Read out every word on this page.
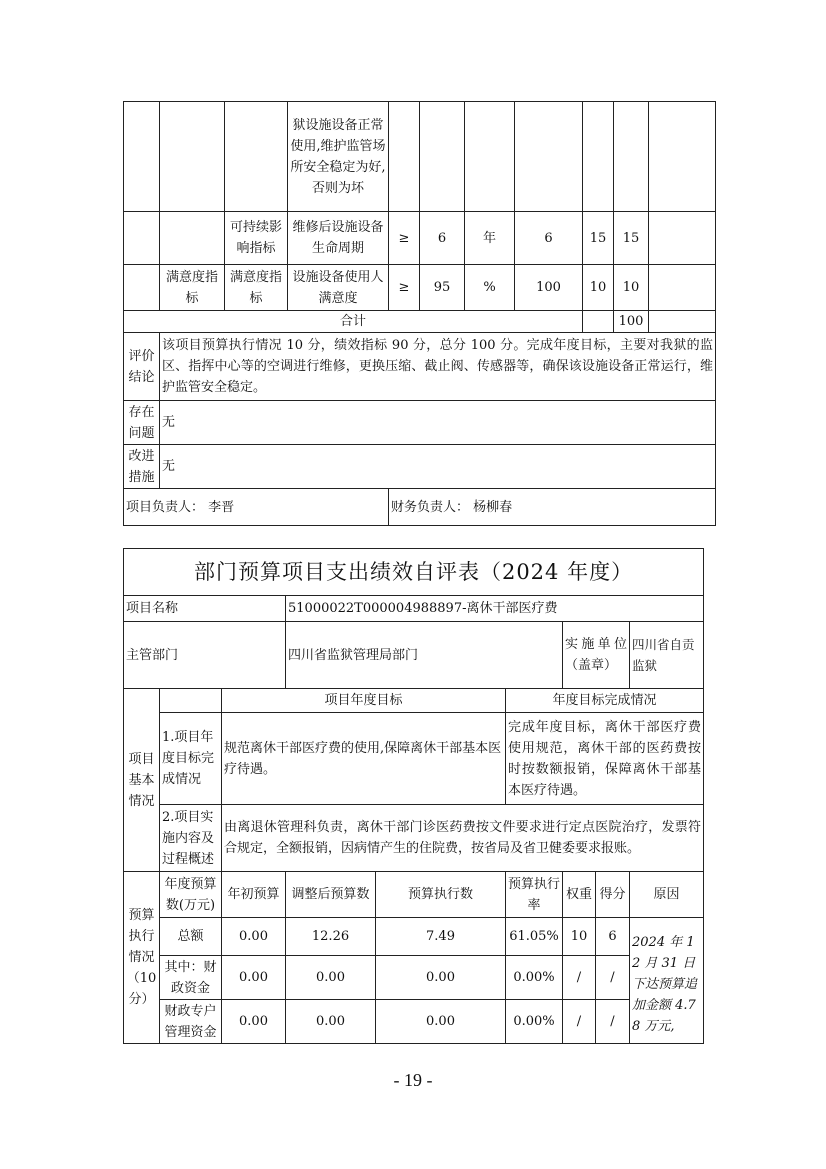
			狱设施设备正常使用,维护监管场所安全稳定为好,否则为坏							
		可持续影响指标	维修后设施设备生命周期	≥	6	年	6	15	15	
	满意度指标	满意度指标	设施设备使用人满意度	≥	95	%	100	10	10	
合计									100	
评价结论	该项目预算执行情况 10 分，绩效指标 90 分，总分 100 分。完成年度目标，主要对我狱的监区、指挥中心等的空调进行维修，更换压缩、截止阀、传感器等，确保该设施设备正常运行，维护监管安全稳定。									
存在问题	无									
改进措施	无									
项目负责人： 李晋				财务负责人： 杨柳春						
部门预算项目支出绩效自评表（2024 年度）								
项目名称			51000022T000004988897-离休干部医疗费					
主管部门			四川省监狱管理局部门			实施单位（盖章）		四川省自贡监狱
项目基本情况		项目年度目标			年度目标完成情况			
	1.项目年度目标完成情况	规范离休干部医疗费的使用,保障离休干部基本医疗待遇。			完成年度目标，离休干部医疗费使用规范，离休干部的医药费按时按数额报销，保障离休干部基本医疗待遇。			
	2.项目实施内容及过程概述	由离退休管理科负责，离休干部门诊医药费按文件要求进行定点医院治疗，发票符合规定，全额报销，因病情产生的住院费，按省局及省卫健委要求报账。						
预算执行情况（10分）	年度预算数(万元)	年初预算	调整后预算数	预算执行数	预算执行率	权重	得分	原因
	总额	0.00	12.26	7.49	61.05%	10	6	2024 年 12 月 31 日下达预算追加金额 4.78 万元,
	其中：财政资金	0.00	0.00	0.00	0.00%	/	/	
	财政专户管理资金	0.00	0.00	0.00	0.00%	/	/	
- 19 -
